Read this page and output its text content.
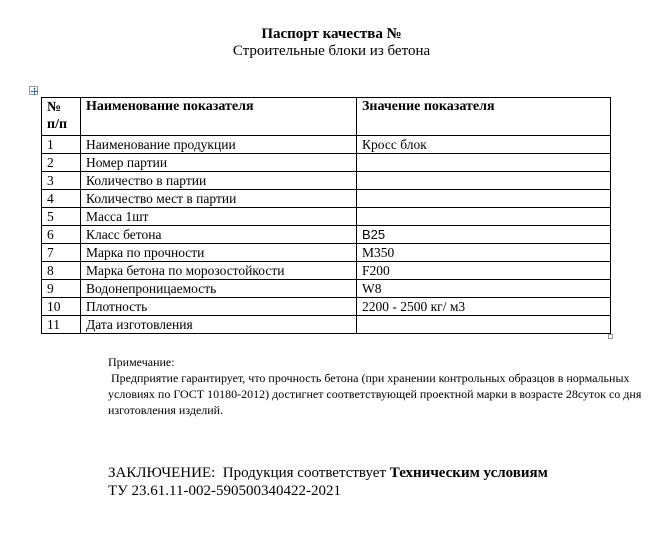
Паспорт качества №
Строительные блоки из бетона
№ п/п	Наименование показателя	Значение показателя
1	Наименование продукции	Кросс блок
2	Номер партии	
3	Количество в партии	
4	Количество мест в партии	
5	Масса 1шт	
6	Класс бетона	B25
7	Марка по прочности	M350
8	Марка бетона по морозостойкости	F200
9	Водонепроницаемость	W8
10	Плотность	2200 - 2500 кг/ м3
11	Дата изготовления	

Примечание:

Предприятие гарантирует, что прочность бетона (при хранении контрольных образцов в нормальных условиях по ГОСТ 10180-2012) достигнет соответствующей проектной марки в возрасте 28суток со дня изготовления изделий.

ЗАКЛЮЧЕНИЕ:  Продукция соответствует Техническим условиям

ТУ 23.61.11-002-590500340422-2021
